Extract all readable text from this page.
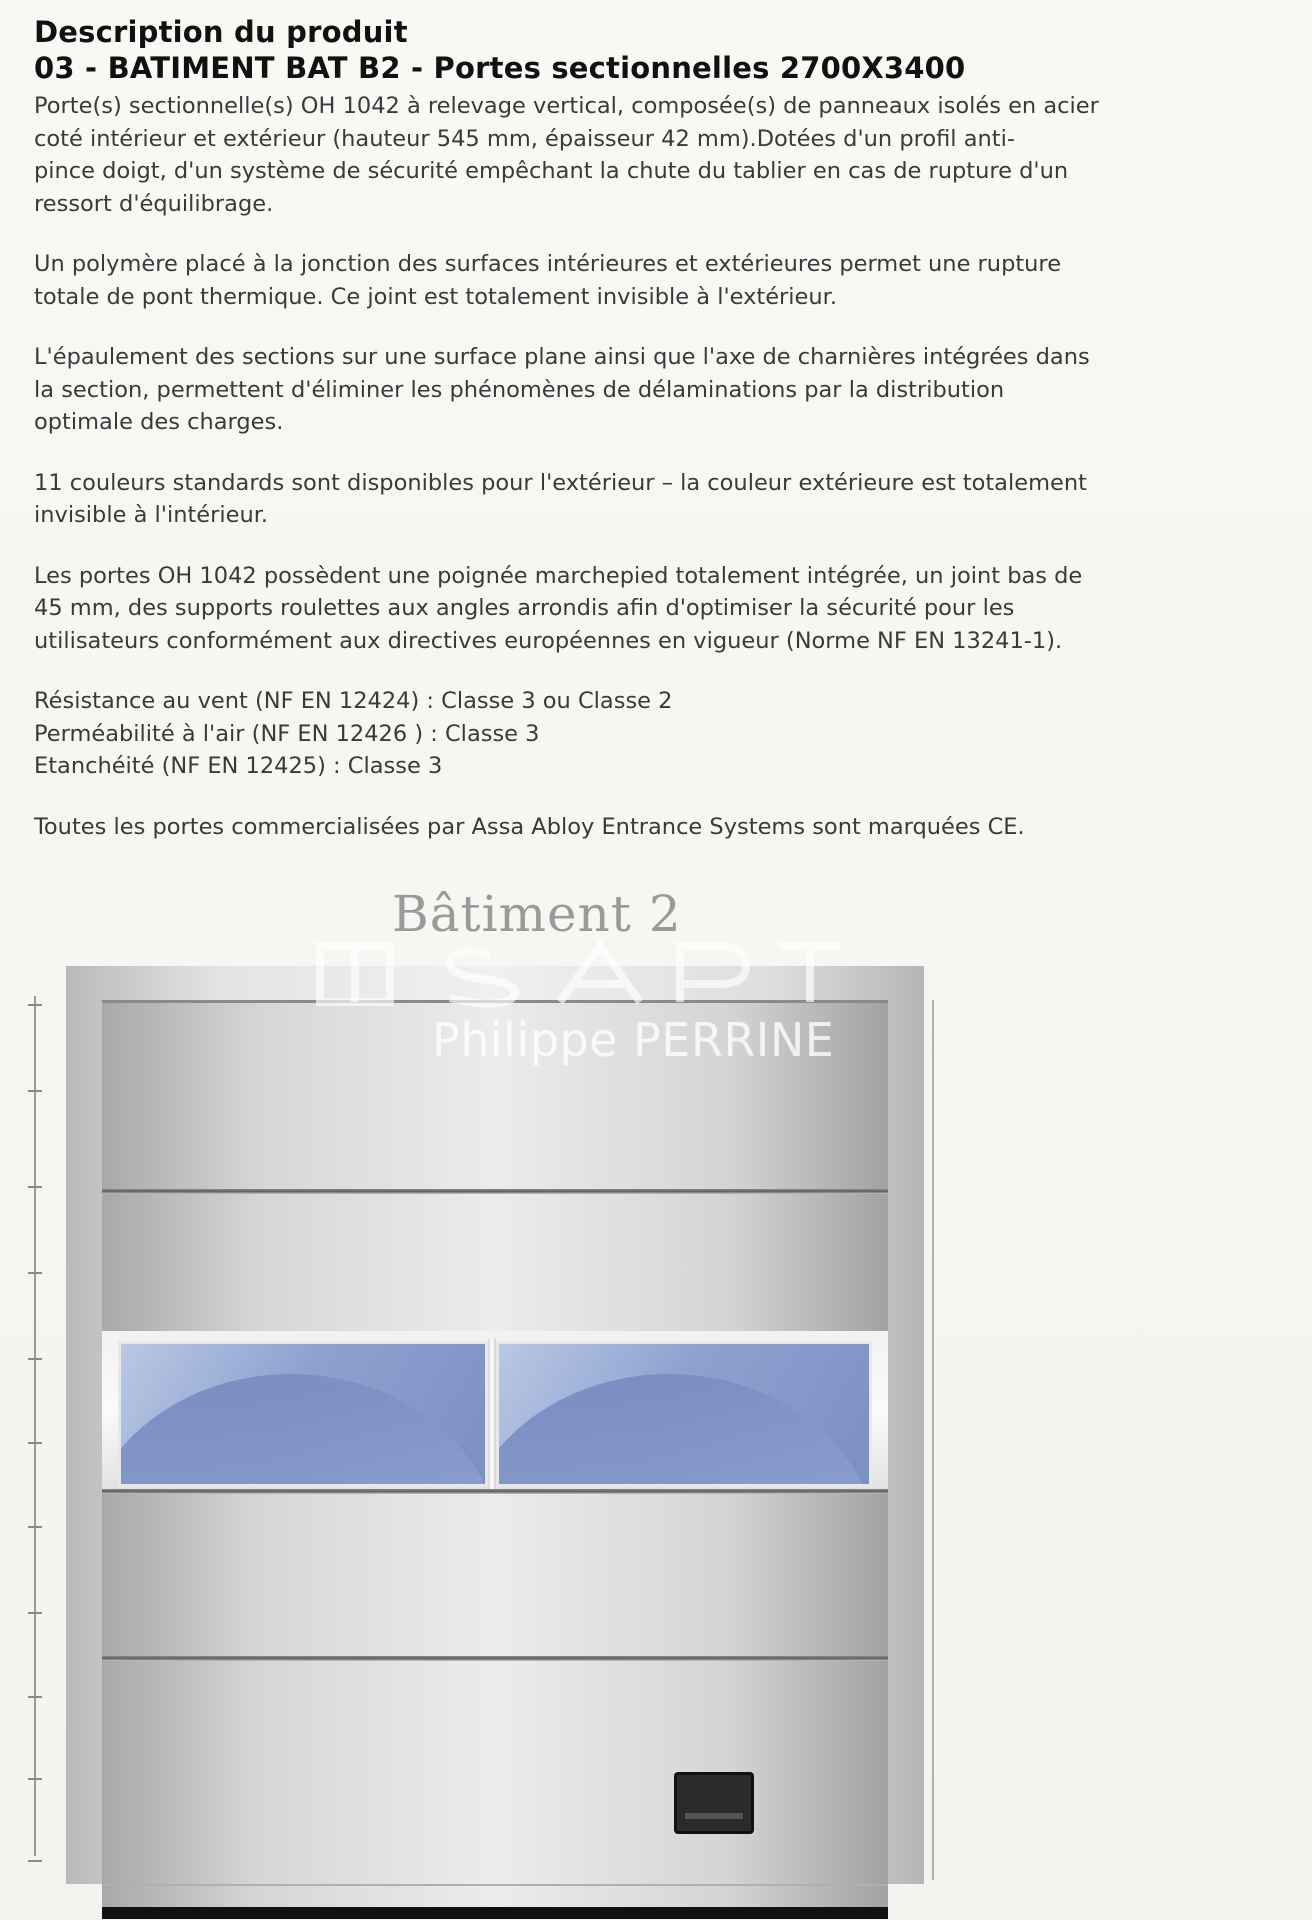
Description du produit
03 - BATIMENT BAT B2 - Portes sectionnelles 2700X3400

Porte(s) sectionnelle(s) OH 1042 à relevage vertical, composée(s) de panneaux isolés en acier
coté intérieur et extérieur (hauteur 545 mm, épaisseur 42 mm).Dotées d'un profil anti-
pince doigt, d'un système de sécurité empêchant la chute du tablier en cas de rupture d'un
ressort d'équilibrage.

Un polymère placé à la jonction des surfaces intérieures et extérieures permet une rupture
totale de pont thermique. Ce joint est totalement invisible à l'extérieur.

L'épaulement des sections sur une surface plane ainsi que l'axe de charnières intégrées dans
la section, permettent d'éliminer les phénomènes de délaminations par la distribution
optimale des charges.

11 couleurs standards sont disponibles pour l'extérieur – la couleur extérieure est totalement
invisible à l'intérieur.

Les portes OH 1042 possèdent une poignée marchepied totalement intégrée, un joint bas de
45 mm, des supports roulettes aux angles arrondis afin d'optimiser la sécurité pour les
utilisateurs conformément aux directives européennes en vigueur (Norme NF EN 13241-1).

Résistance au vent (NF EN 12424) : Classe 3 ou Classe 2
Perméabilité à l'air (NF EN 12426 ) : Classe 3
Etanchéité (NF EN 12425) : Classe 3

Toutes les portes commercialisées par Assa Abloy Entrance Systems sont marquées CE.

Bâtiment 2
Philippe PERRINE
